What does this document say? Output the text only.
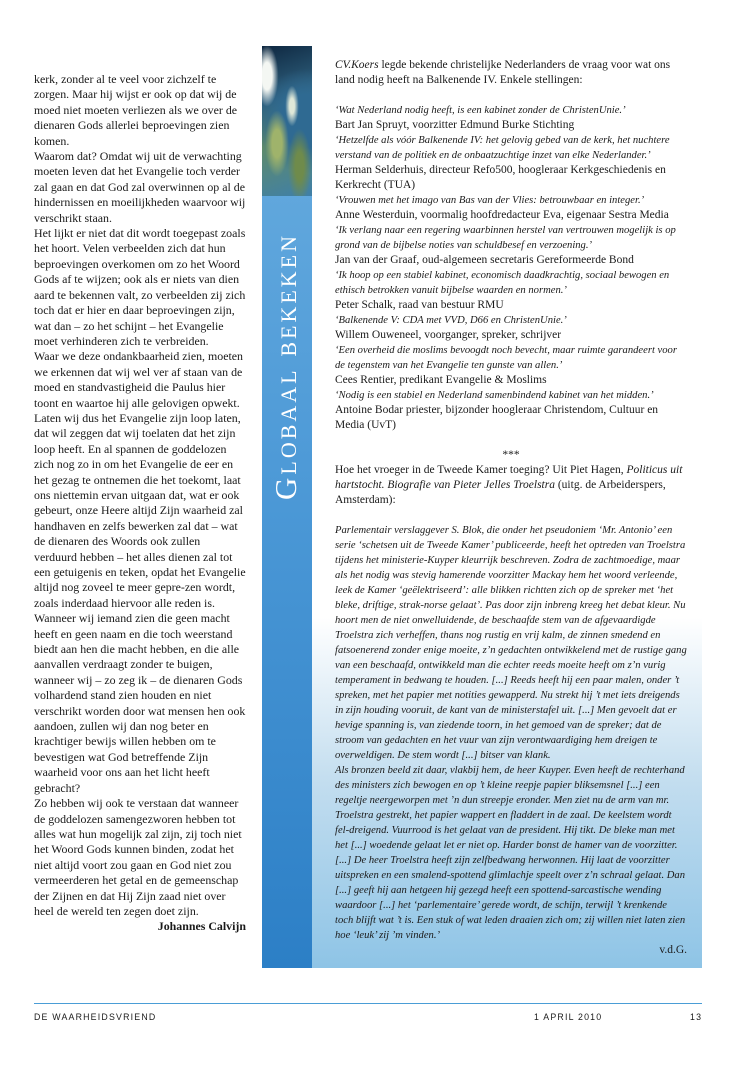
kerk, zonder al te veel voor zichzelf te zorgen. Maar hij wijst er ook op dat wij de moed niet moeten verliezen als we over de dienaren Gods allerlei beproevingen zien komen.

Waarom dat? Omdat wij uit de verwachting moeten leven dat het Evangelie toch verder zal gaan en dat God zal overwinnen op al de hindernissen en moeilijkheden waarvoor wij verschrikt staan.

Het lijkt er niet dat dit wordt toegepast zoals het hoort. Velen verbeelden zich dat hun beproevingen overkomen om zo het Woord Gods af te wijzen; ook als er niets van dien aard te bekennen valt, zo verbeelden zij zich toch dat er hier en daar beproevingen zijn, wat dan – zo het schijnt – het Evangelie moet verhinderen zich te verbreiden.

Waar we deze ondankbaarheid zien, moeten we erkennen dat wij wel ver af staan van de moed en standvastigheid die Paulus hier toont en waartoe hij alle gelovigen opwekt. Laten wij dus het Evangelie zijn loop laten, dat wil zeggen dat wij toelaten dat het zijn loop heeft. En al spannen de goddelozen zich nog zo in om het Evangelie de eer en het gezag te ontnemen die het toekomt, laat ons niettemin ervan uitgaan dat, wat er ook gebeurt, onze Heere altijd Zijn waarheid zal handhaven en zelfs bewerken zal dat – wat de dienaren des Woords ook zullen verduurd hebben – het alles dienen zal tot een getuigenis en teken, opdat het Evangelie altijd nog zoveel te meer gepre-zen wordt, zoals inderdaad hiervoor alle reden is.

Wanneer wij iemand zien die geen macht heeft en geen naam en die toch weerstand biedt aan hen die macht hebben, en die alle aanvallen verdraagt zonder te buigen, wanneer wij – zo zeg ik – de dienaren Gods volhardend stand zien houden en niet verschrikt worden door wat mensen hen ook aandoen, zullen wij dan nog beter en krachtiger bewijs willen hebben om te bevestigen wat God betreffende Zijn waarheid voor ons aan het licht heeft gebracht?

Zo hebben wij ook te verstaan dat wanneer de goddelozen samengezworen hebben tot alles wat hun mogelijk zal zijn, zij toch niet het Woord Gods kunnen binden, zodat het niet altijd voort zou gaan en God niet zou vermeerderen het getal en de gemeenschap der Zijnen en dat Hij Zijn zaad niet over heel de wereld ten zegen doet zijn.

Johannes Calvijn

Globaal bekeken

CV.Koers legde bekende christelijke Nederlanders de vraag voor wat ons land nodig heeft na Balkenende IV. Enkele stellingen:

‘Wat Nederland nodig heeft, is een kabinet zonder de ChristenUnie.’

Bart Jan Spruyt, voorzitter Edmund Burke Stichting

‘Hetzelfde als vóór Balkenende IV: het gelovig gebed van de kerk, het nuchtere verstand van de politiek en de onbaatzuchtige inzet van elke Nederlander.’

Herman Selderhuis, directeur Refo500, hoogleraar Kerkgeschiedenis en Kerkrecht (TUA)

‘Vrouwen met het imago van Bas van der Vlies: betrouwbaar en integer.’

Anne Westerduin, voormalig hoofdredacteur Eva, eigenaar Sestra Media

‘Ik verlang naar een regering waarbinnen herstel van vertrouwen mogelijk is op grond van de bijbelse noties van schuldbesef en verzoening.’

Jan van der Graaf, oud-algemeen secretaris Gereformeerde Bond

‘Ik hoop op een stabiel kabinet, economisch daadkrachtig, sociaal bewogen en ethisch betrokken vanuit bijbelse waarden en normen.’

Peter Schalk, raad van bestuur RMU

‘Balkenende V: CDA met VVD, D66 en ChristenUnie.’

Willem Ouweneel, voorganger, spreker, schrijver

‘Een overheid die moslims bevoogdt noch bevecht, maar ruimte garandeert voor de tegenstem van het Evangelie ten gunste van allen.’

Cees Rentier, predikant Evangelie & Moslims

‘Nodig is een stabiel en Nederland samenbindend kabinet van het midden.’

Antoine Bodar priester, bijzonder hoogleraar Christendom, Cultuur en Media (UvT)

***

Hoe het vroeger in de Tweede Kamer toeging? Uit Piet Hagen, Politicus uit hartstocht. Biografie van Pieter Jelles Troelstra (uitg. de Arbeiderspers, Amsterdam):

Parlementair verslaggever S. Blok, die onder het pseudoniem ‘Mr. Antonio’ een serie ‘schetsen uit de Tweede Kamer’ publiceerde, heeft het optreden van Troelstra tijdens het ministerie-Kuyper kleurrijk beschreven. Zodra de zachtmoedige, maar als het nodig was stevig hamerende voorzitter Mackay hem het woord verleende, leek de Kamer ‘geëlektriseerd’: alle blikken richtten zich op de spreker met ‘het bleke, driftige, strak-norse gelaat’. Pas door zijn inbreng kreeg het debat kleur. Nu hoort men de niet onwelluidende, de beschaafde stem van de afgevaardigde Troelstra zich verheffen, thans nog rustig en vrij kalm, de zinnen smedend en fatsoenerend zonder enige moeite, z’n gedachten ontwikkelend met de rustige gang van een beschaafd, ontwikkeld man die echter reeds moeite heeft om z’n vurig temperament in bedwang te houden. [...] Reeds heeft hij een paar malen, onder ’t spreken, met het papier met notities gewapperd. Nu strekt hij ’t met iets dreigends in zijn houding vooruit, de kant van de ministerstafel uit. [...] Men gevoelt dat er hevige spanning is, van ziedende toorn, in het gemoed van de spreker; dat de stroom van gedachten en het vuur van zijn verontwaardiging hem dreigen te overweldigen. De stem wordt [...] bitser van klank.

Als bronzen beeld zit daar, vlakbij hem, de heer Kuyper. Even heeft de rechterhand des ministers zich bewogen en op ’t kleine reepje papier bliksemsnel [...] een regeltje neergeworpen met ’n dun streepje eronder. Men ziet nu de arm van mr. Troelstra gestrekt, het papier wappert en fladdert in de zaal. De keelstem wordt fel-dreigend. Vuurrood is het gelaat van de president. Hij tikt. De bleke man met het [...] woedende gelaat let er niet op. Harder bonst de hamer van de voorzitter. [...] De heer Troelstra heeft zijn zelfbedwang herwonnen. Hij laat de voorzitter uitspreken en een smalend-spottend glimlachje speelt over z’n schraal gelaat. Dan [...] geeft hij aan hetgeen hij gezegd heeft een spottend-sarcastische wending waardoor [...] het ‘parlementaire’ gerede wordt, de schijn, terwijl ’t krenkende toch blijft wat ’t is. Een stuk of wat leden draaien zich om; zij willen niet laten zien hoe ‘leuk’ zij ’m vinden.’

v.d.G.

DE WAARHEIDSVRIEND	1 APRIL 2010	13
